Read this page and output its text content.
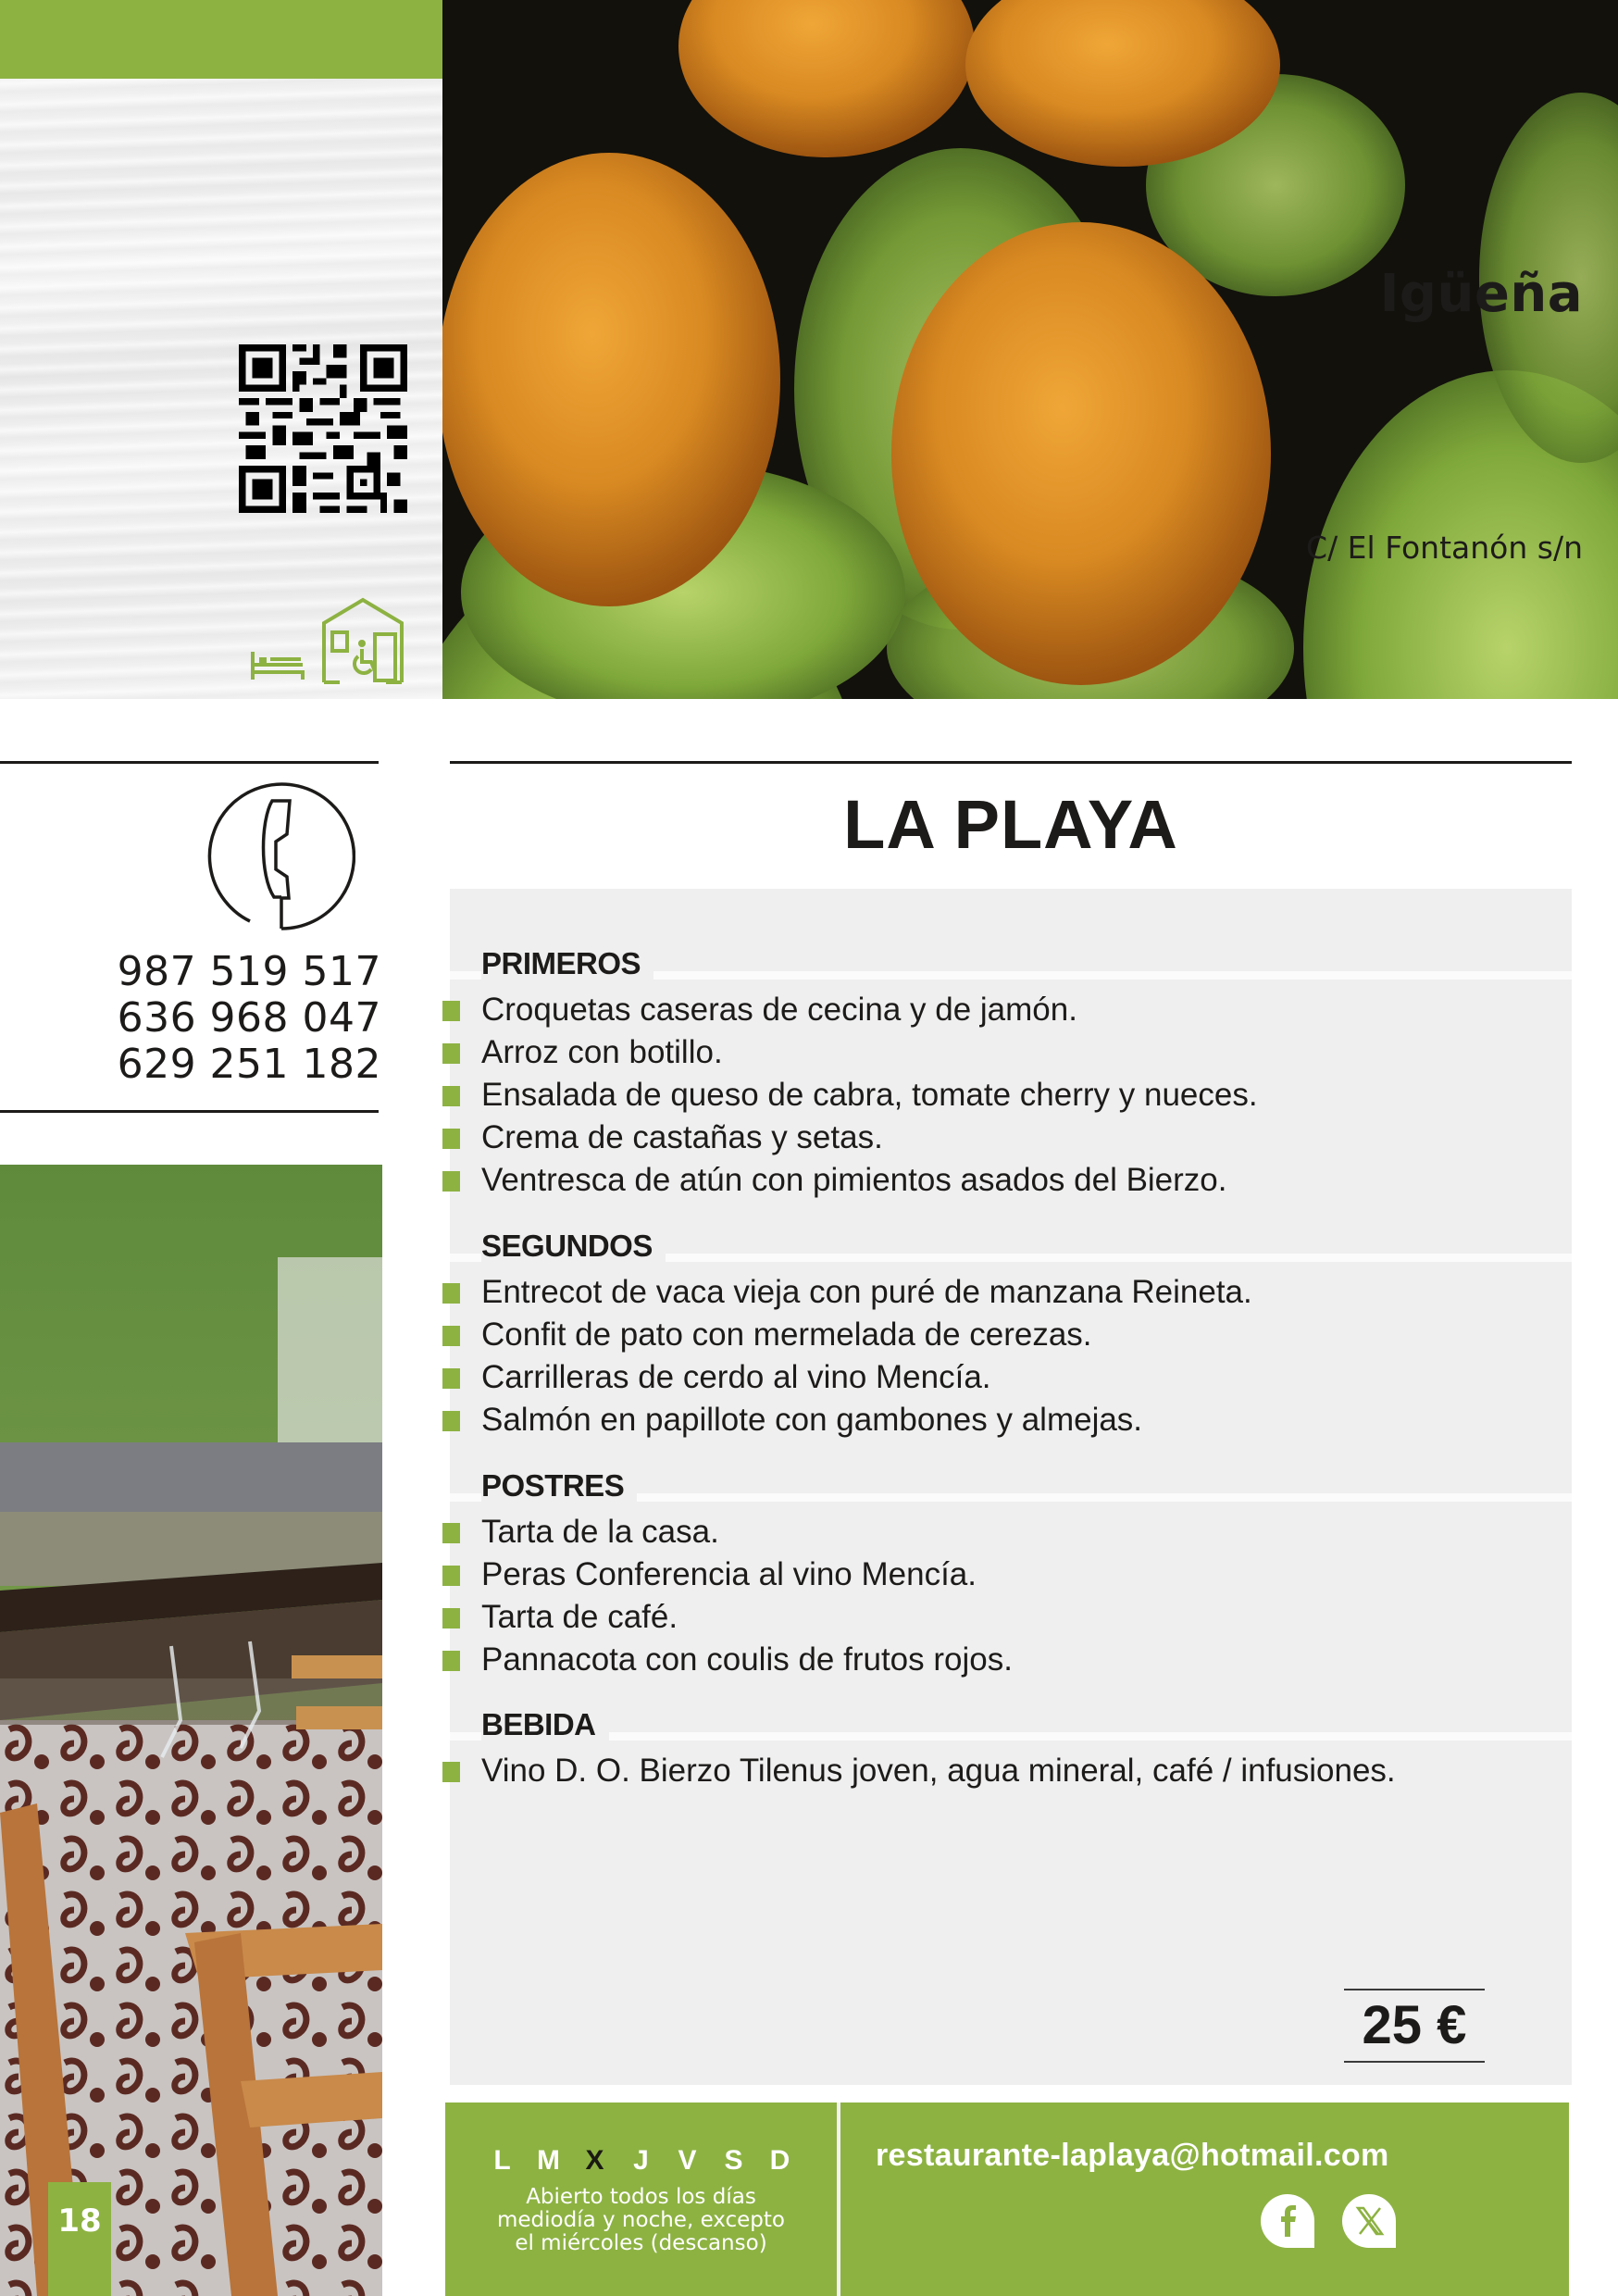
Igüeña
C/ El Fontanón s/n
987 519 517
636 968 047
629 251 182
18
LA PLAYA
PRIMEROS
Croquetas caseras de cecina y de jamón.
Arroz con botillo.
Ensalada de queso de cabra, tomate cherry y nueces.
Crema de castañas y setas.
Ventresca de atún con pimientos asados del Bierzo.
SEGUNDOS
Entrecot de vaca vieja con puré de manzana Reineta.
Confit de pato con mermelada de cerezas.
Carrilleras de cerdo al vino Mencía.
Salmón en papillote con gambones y almejas.
POSTRES
Tarta de la casa.
Peras Conferencia al vino Mencía.
Tarta de café.
Pannacota con coulis de frutos rojos.
BEBIDA
Vino D. O. Bierzo Tilenus joven, agua mineral, café / infusiones.
25 €
L M X J V S D
Abierto todos los días
mediodía y noche, excepto
el miércoles (descanso)
restaurante-laplaya@hotmail.com
